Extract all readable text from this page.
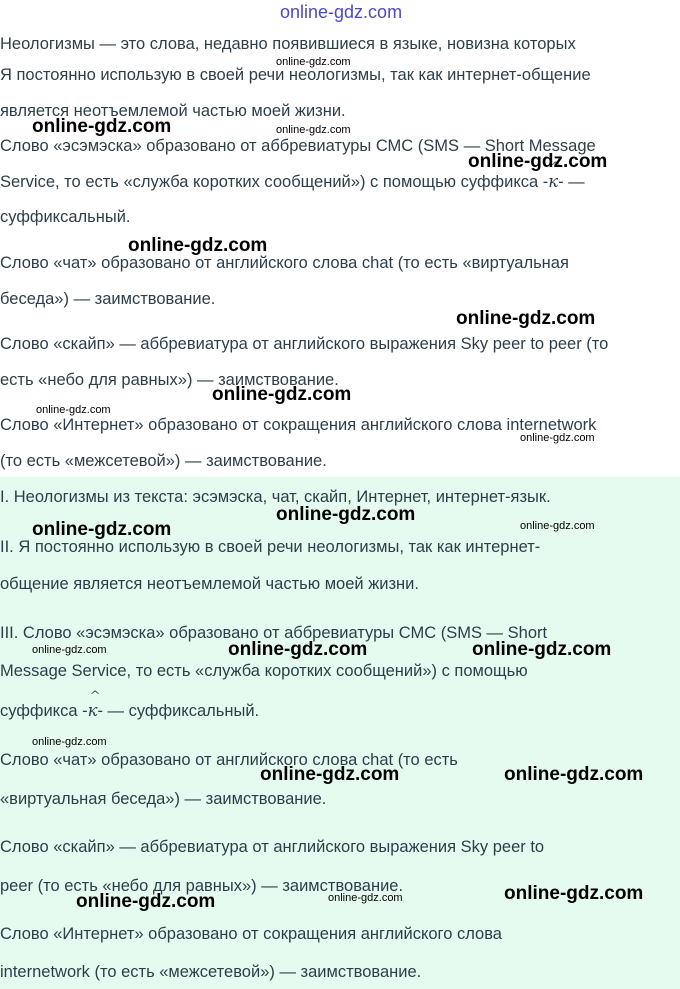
online-gdz.com

Неологизмы — это слова, недавно появившиеся в языке, новизна которых

Я постоянно использую в своей речи неологизмы, так как интернет-общение

является неотъемлемой частью моей жизни.

Слово «эсэмэска» образовано от аббревиатуры СМС (SMS — Short Message

Service, то есть «служба коротких сообщений») с помощью суффикса -^ к- —

суффиксальный.

Слово «чат» образовано от английского слова chat (то есть «виртуальная

беседа») — заимствование.

Слово «скайп» — аббревиатура от английского выражения Sky peer to peer (то

есть «небо для равных») — заимствование.

Слово «Интернет» образовано от сокращения английского слова internetwork

(то есть «межсетевой») — заимствование.

I. Неологизмы из текста: эсэмэска, чат, скайп, Интернет, интернет-язык.

II. Я постоянно использую в своей речи неологизмы, так как интернет-

общение является неотъемлемой частью моей жизни.

III. Слово «эсэмэска» образовано от аббревиатуры СМС (SMS — Short

Message Service, то есть «служба коротких сообщений») с помощью

суффикса -^ к- — суффиксальный.

Слово «чат» образовано от английского слова chat (то есть

«виртуальная беседа») — заимствование.

Слово «скайп» — аббревиатура от английского выражения Sky peer to

peer (то есть «небо для равных») — заимствование.

Слово «Интернет» образовано от сокращения английского слова

internetwork (то есть «межсетевой») — заимствование.

online-gdz.com
online-gdz.com
online-gdz.com
online-gdz.com
online-gdz.com
online-gdz.com
online-gdz.com
online-gdz.com	online-gdz.com
online-gdz.com	online-gdz.com
online-gdz.com
online-gdz.com
online-gdz.com
online-gdz.com
online-gdz.com
online-gdz.com
online-gdz.com
online-gdz.com
online-gdz.com
online-gdz.com
